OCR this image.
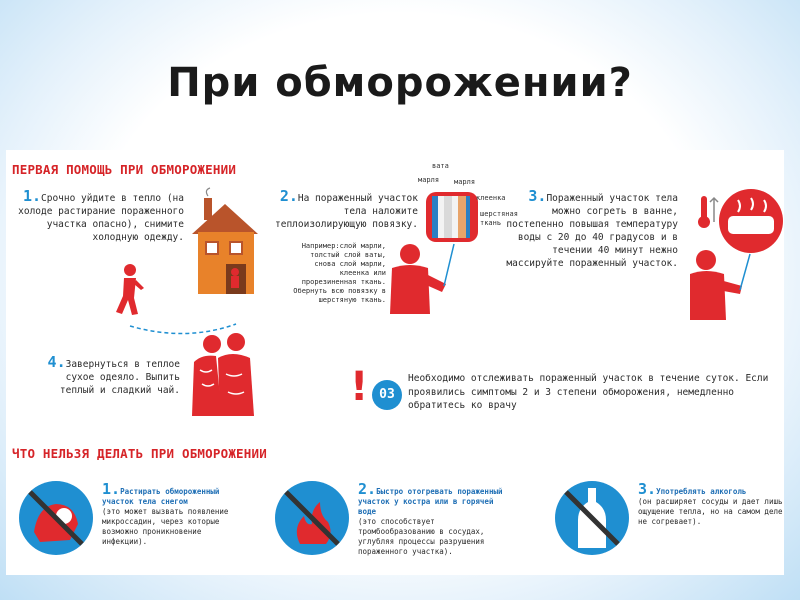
При обморожении?
ПЕРВАЯ ПОМОЩЬ ПРИ ОБМОРОЖЕНИИ
1.Срочно уйдите в тепло (на холоде растирание пораженного участка опасно), снимите холодную одежду.
2.На пораженный участок тела наложите теплоизолирующую повязку.
Например:слой марли, толстый слой ваты, снова слой марли, клеенка или прорезиненная ткань. Обернуть всю повязку в шерстяную ткань.
вата
марля марля
клеенка
шерстяная ткань
3.Пораженный участок тела можно согреть в ванне, постепенно повышая температуру воды с 20 до 40 градусов и в течении 40 минут нежно массируйте пораженный участок.
4.Завернуться в теплое сухое одеяло. Выпить теплый и сладкий чай.	! 03
Необходимо отслеживать пораженный участок в течение суток. Если проявились симптомы 2 и 3 степени обморожения, немедленно обратитесь ко врачу
ЧТО НЕЛЬЗЯ ДЕЛАТЬ ПРИ ОБМОРОЖЕНИИ
1.Растирать обмороженный участок тела снегом
(это может вызвать появление микроссадин, через которые возможно проникновение инфекции).
2.Быстро отогревать пораженный участок у костра или в горячей воде
(это способствует тромбообразованию в сосудах, углубляя процессы разрушения пораженного участка).
3.Употреблять алкоголь
(он расширяет сосуды и дает лишь ощущение тепла, но на самом деле не согревает).
